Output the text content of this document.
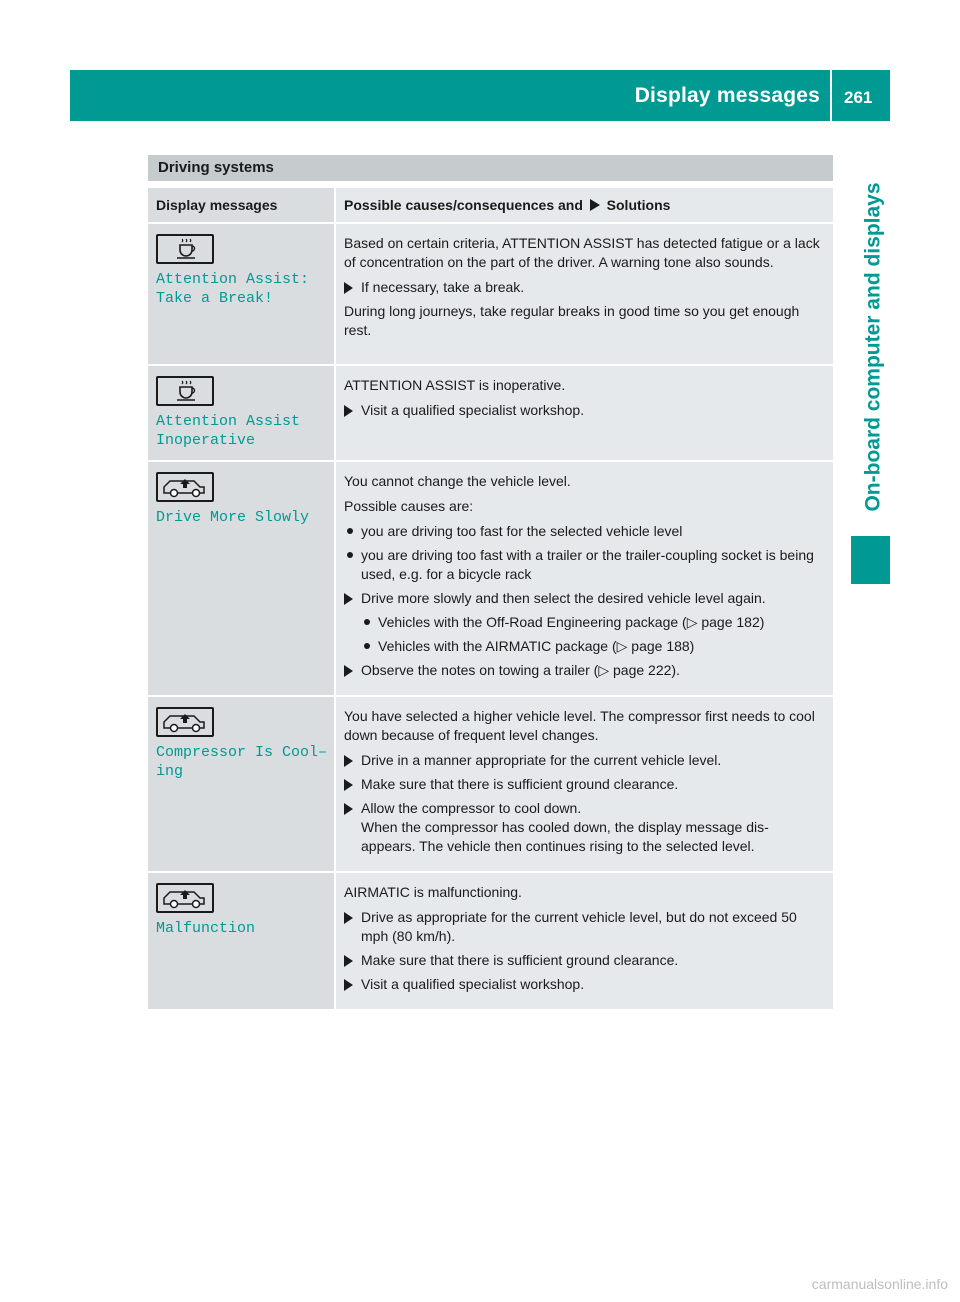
Display messages 261
On-board computer and displays
Driving systems
Display messages	Possible causes/consequences and Solutions
Attention Assist:
Take a Break!

Based on certain criteria, ATTENTION ASSIST has detected fatigue or a lack of concentration on the part of the driver. A warning tone also sounds.

If necessary, take a break.

During long journeys, take regular breaks in good time so you get enough rest.

Attention Assist
Inoperative

ATTENTION ASSIST is inoperative.

Visit a qualified specialist workshop.
Drive More Slowly

You cannot change the vehicle level.

Possible causes are:

you are driving too fast for the selected vehicle level
you are driving too fast with a trailer or the trailer-coupling socket is being used, e.g. for a bicycle rack
Drive more slowly and then select the desired vehicle level again.
Vehicles with the Off-Road Engineering package (▷ page 182)
Vehicles with the AIRMATIC package (▷ page 188)
Observe the notes on towing a trailer (▷ page 222).
Compressor Is Cool–
ing

You have selected a higher vehicle level. The compressor first needs to cool down because of frequent level changes.

Drive in a manner appropriate for the current vehicle level.
Make sure that there is sufficient ground clearance.
Allow the compressor to cool down.
When the compressor has cooled down, the display message dis- appears. The vehicle then continues rising to the selected level.
Malfunction

AIRMATIC is malfunctioning.

Drive as appropriate for the current vehicle level, but do not exceed 50 mph (80 km/h).
Make sure that there is sufficient ground clearance.
Visit a qualified specialist workshop.
carmanualsonline.info
